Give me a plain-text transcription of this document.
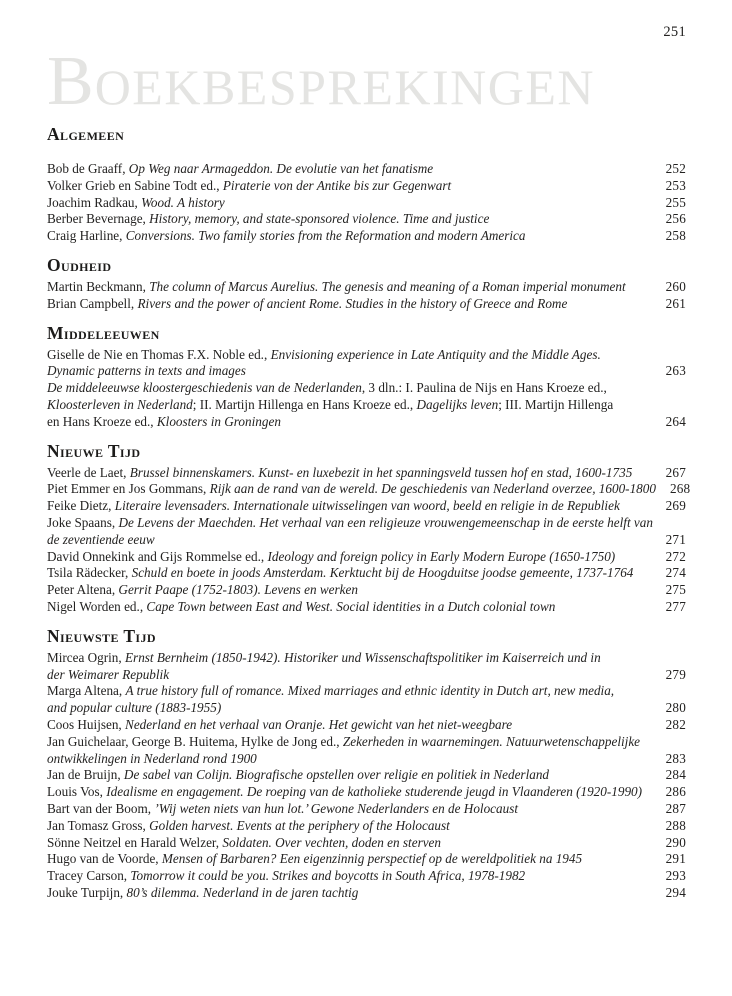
251
BOEKBESPREKINGEN
Algemeen
Bob de Graaff, Op Weg naar Armageddon. De evolutie van het fanatisme	252
Volker Grieb en Sabine Todt ed., Piraterie von der Antike bis zur Gegenwart	253
Joachim Radkau, Wood. A history	255
Berber Bevernage, History, memory, and state-sponsored violence. Time and justice	256
Craig Harline, Conversions. Two family stories from the Reformation and modern America	258
Oudheid
Martin Beckmann, The column of Marcus Aurelius. The genesis and meaning of a Roman imperial monument	260
Brian Campbell, Rivers and the power of ancient Rome. Studies in the history of Greece and Rome	261
Middeleeuwen
Giselle de Nie en Thomas F.X. Noble ed., Envisioning experience in Late Antiquity and the Middle Ages.
Dynamic patterns in texts and images	263
De middeleeuwse kloostergeschiedenis van de Nederlanden, 3 dln.: I. Paulina de Nijs en Hans Kroeze ed.,
Kloosterleven in Nederland; II. Martijn Hillenga en Hans Kroeze ed., Dagelijks leven; III. Martijn Hillenga
en Hans Kroeze ed., Kloosters in Groningen	264
Nieuwe Tijd
Veerle de Laet, Brussel binnenskamers. Kunst- en luxebezit in het spanningsveld tussen hof en stad, 1600-1735	267
Piet Emmer en Jos Gommans, Rijk aan de rand van de wereld. De geschiedenis van Nederland overzee, 1600-1800 268
Feike Dietz, Literaire levensaders. Internationale uitwisselingen van woord, beeld en religie in de Republiek	269
Joke Spaans, De Levens der Maechden. Het verhaal van een religieuze vrouwengemeenschap in de eerste helft van
de zeventiende eeuw	271
David Onnekink and Gijs Rommelse ed., Ideology and foreign policy in Early Modern Europe (1650-1750)	272
Tsila Rädecker, Schuld en boete in joods Amsterdam. Kerktucht bij de Hoogduitse joodse gemeente, 1737-1764 274
Peter Altena, Gerrit Paape (1752-1803). Levens en werken	275
Nigel Worden ed., Cape Town between East and West. Social identities in a Dutch colonial town	277
Nieuwste Tijd
Mircea Ogrin, Ernst Bernheim (1850-1942). Historiker und Wissenschaftspolitiker im Kaiserreich und in
der Weimarer Republik	279
Marga Altena, A true history full of romance. Mixed marriages and ethnic identity in Dutch art, new media,
and popular culture (1883-1955)	280
Coos Huijsen, Nederland en het verhaal van Oranje. Het gewicht van het niet-weegbare	282
Jan Guichelaar, George B. Huitema, Hylke de Jong ed., Zekerheden in waarnemingen. Natuurwetenschappelijke
ontwikkelingen in Nederland rond 1900	283
Jan de Bruijn, De sabel van Colijn. Biografische opstellen over religie en politiek in Nederland	284
Louis Vos, Idealisme en engagement. De roeping van de katholieke studerende jeugd in Vlaanderen (1920-1990) 286
Bart van der Boom, ’Wij weten niets van hun lot.’ Gewone Nederlanders en de Holocaust	287
Jan Tomasz Gross, Golden harvest. Events at the periphery of the Holocaust	288
Sönne Neitzel en Harald Welzer, Soldaten. Over vechten, doden en sterven	290
Hugo van de Voorde, Mensen of Barbaren? Een eigenzinnig perspectief op de wereldpolitiek na 1945	291
Tracey Carson, Tomorrow it could be you. Strikes and boycotts in South Africa, 1978-1982	293
Jouke Turpijn, 80’s dilemma. Nederland in de jaren tachtig	294
